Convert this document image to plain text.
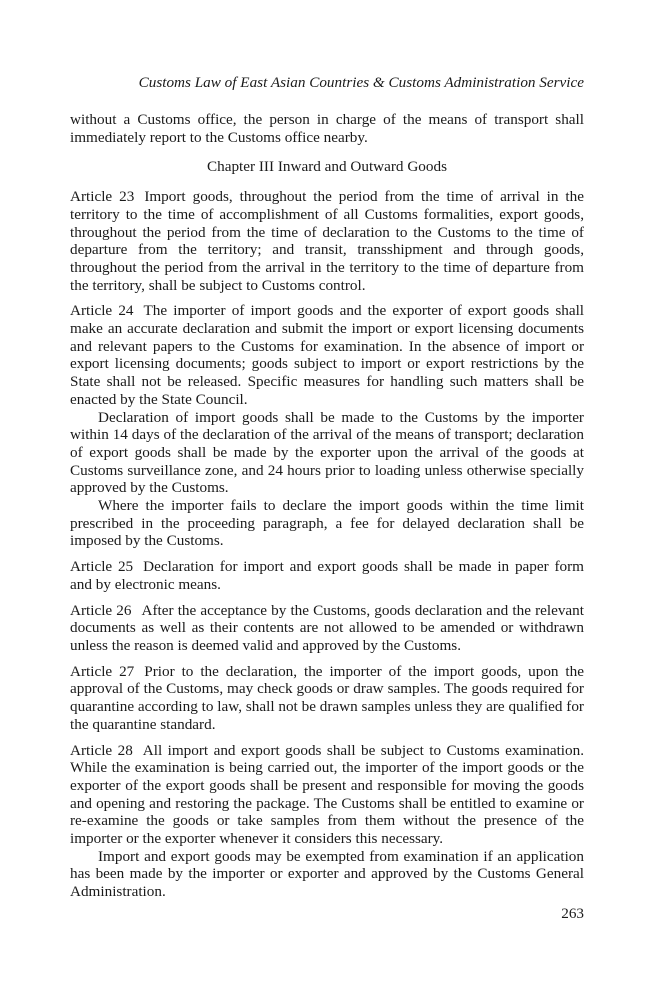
Customs Law of East Asian Countries & Customs Administration Service

without a Customs office, the person in charge of the means of transport shall immediately report to the Customs office nearby.

Chapter III Inward and Outward Goods

Article 23 Import goods, throughout the period from the time of arrival in the territory to the time of accomplishment of all Customs formalities, export goods, throughout the period from the time of declaration to the Customs to the time of departure from the territory; and transit, transshipment and through goods, throughout the period from the arrival in the territory to the time of departure from the territory, shall be subject to Customs control.

Article 24 The importer of import goods and the exporter of export goods shall make an accurate declaration and submit the import or export licensing documents and relevant papers to the Customs for examination. In the absence of import or export licensing documents; goods subject to import or export restrictions by the State shall not be released. Specific measures for handling such matters shall be enacted by the State Council.

Declaration of import goods shall be made to the Customs by the importer within 14 days of the declaration of the arrival of the means of transport; declaration of export goods shall be made by the exporter upon the arrival of the goods at Customs surveillance zone, and 24 hours prior to loading unless otherwise specially approved by the Customs.

Where the importer fails to declare the import goods within the time limit prescribed in the proceeding paragraph, a fee for delayed declaration shall be imposed by the Customs.

Article 25 Declaration for import and export goods shall be made in paper form and by electronic means.

Article 26 After the acceptance by the Customs, goods declaration and the relevant documents as well as their contents are not allowed to be amended or withdrawn unless the reason is deemed valid and approved by the Customs.

Article 27 Prior to the declaration, the importer of the import goods, upon the approval of the Customs, may check goods or draw samples. The goods required for quarantine according to law, shall not be drawn samples unless they are qualified for the quarantine standard.

Article 28 All import and export goods shall be subject to Customs examination. While the examination is being carried out, the importer of the import goods or the exporter of the export goods shall be present and responsible for moving the goods and opening and restoring the package. The Customs shall be entitled to examine or re-examine the goods or take samples from them without the presence of the importer or the exporter whenever it considers this necessary.

Import and export goods may be exempted from examination if an application has been made by the importer or exporter and approved by the Customs General Administration.

263
